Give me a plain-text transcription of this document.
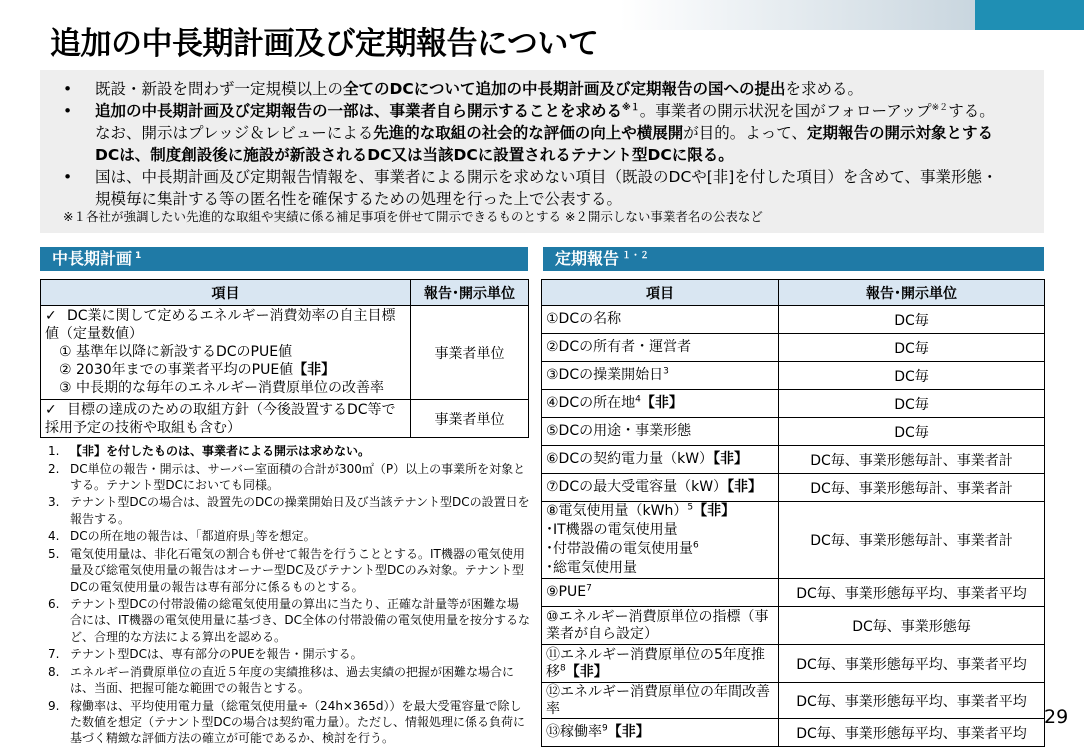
追加の中長期計画及び定期報告について
•	既設・新設を問わず一定規模以上の全てのDCについて追加の中長期計画及び定期報告の国への提出を求める。
•	追加の中長期計画及び定期報告の一部は、事業者自ら開示することを求める$^{※1}$。事業者の開示状況を国がフォローアップ$^{※2}$する。なお、開示はプレッジ＆レビューによる先進的な取組の社会的な評価の向上や横展開が目的。よって、定期報告の開示対象とするDCは、制度創設後に施設が新設されるDC又は当該DCに設置されるテナント型DCに限る。
•	国は、中長期計画及び定期報告情報を、事業者による開示を求めない項目（既設のDCや[非]を付した項目）を含めて、事業形態・規模毎に集計する等の匿名性を確保するための処理を行った上で公表する。
※１各社が強調したい先進的な取組や実績に係る補足事項を併せて開示できるものとする ※２開示しない事業者名の公表など
中長期計画 $^1$
項目	報告･開示単位
✓ DC業に関して定めるエネルギー消費効率の自主目標値（定量数値）
① 基準年以降に新設するDCのPUE値
② 2030年までの事業者平均のPUE値【非】
③ 中長期的な毎年のエネルギー消費原単位の改善率	事業者単位
✓ 目標の達成のための取組方針（今後設置するDC等で採用予定の技術や取組も含む）	事業者単位
1. 【非】を付したものは、事業者による開示は求めない。
2. DC単位の報告・開示は、サーバー室面積の合計が300㎡（P）以上の事業所を対象とする。テナント型DCにおいても同様。
3. テナント型DCの場合は、設置先のDCの操業開始日及び当該テナント型DCの設置日を報告する。
4. DCの所在地の報告は、｢都道府県｣等を想定。
5. 電気使用量は、非化石電気の割合も併せて報告を行うこととする。IT機器の電気使用量及び総電気使用量の報告はオーナー型DC及びテナント型DCのみ対象。テナント型DCの電気使用量の報告は専有部分に係るものとする。
6. テナント型DCの付帯設備の総電気使用量の算出に当たり、正確な計量等が困難な場合には、IT機器の電気使用量に基づき、DC全体の付帯設備の電気使用量を按分するなど、合理的な方法による算出を認める。
7. テナント型DCは、専有部分のPUEを報告・開示する。
8. エネルギー消費原単位の直近５年度の実績推移は、過去実績の把握が困難な場合には、当面、把握可能な範囲での報告とする。
9. 稼働率は、平均使用電力量（総電気使用量÷（24h×365d））を最大受電容量で除した数値を想定（テナント型DCの場合は契約電力量）。ただし、情報処理に係る負荷に基づく精緻な評価方法の確立が可能であるか、検討を行う。
定期報告 $^{1・2}$
項目	報告･開示単位
①DCの名称	DC毎
②DCの所有者・運営者	DC毎
③DCの操業開始日$^3$	DC毎
④DCの所在地$^4$【非】	DC毎
⑤DCの用途・事業形態	DC毎
⑥DCの契約電力量（kW）【非】	DC毎、事業形態毎計、事業者計
⑦DCの最大受電容量（kW）【非】	DC毎、事業形態毎計、事業者計
⑧電気使用量（kWh）$^5$【非】
･IT機器の電気使用量
･付帯設備の電気使用量$^6$
･総電気使用量	DC毎、事業形態毎計、事業者計
⑨PUE$^7$	DC毎、事業形態毎平均、事業者平均
⑩エネルギー消費原単位の指標（事業者が自ら設定）	DC毎、事業形態毎
⑪エネルギー消費原単位の5年度推移$^8$【非】	DC毎、事業形態毎平均、事業者平均
⑫エネルギー消費原単位の年間改善率	DC毎、事業形態毎平均、事業者平均
⑬稼働率$^9$【非】	DC毎、事業形態毎平均、事業者平均
29
